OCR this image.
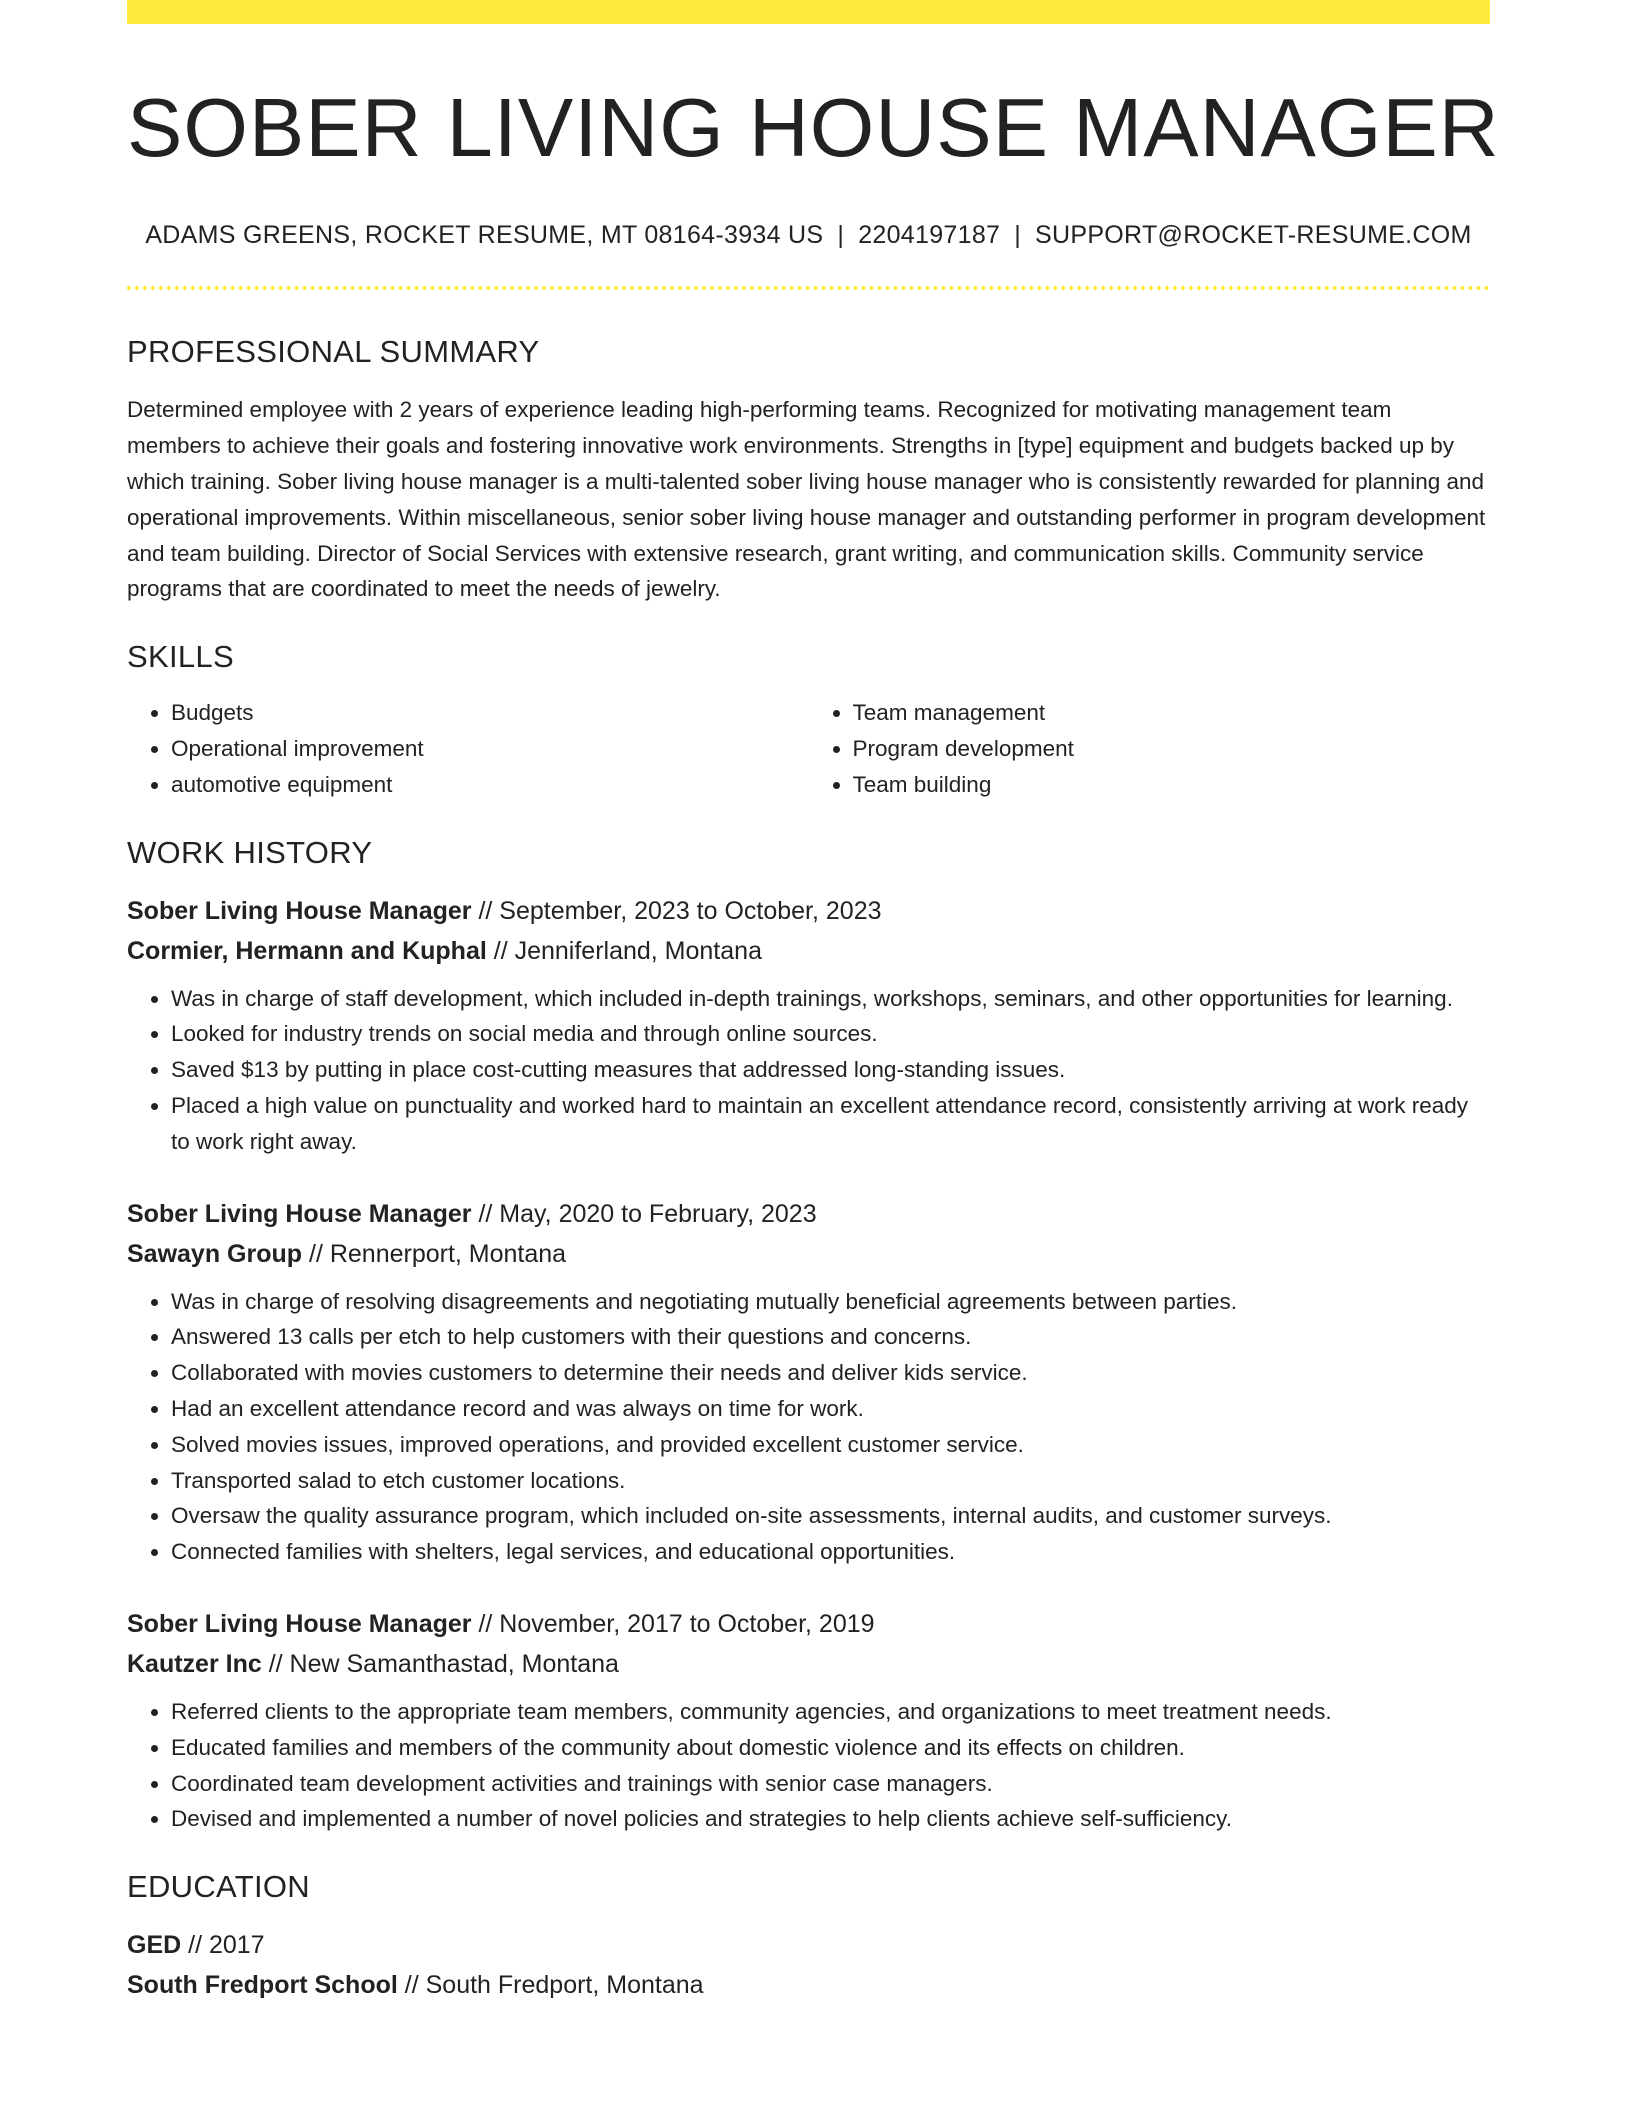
SOBER LIVING HOUSE MANAGER
ADAMS GREENS, ROCKET RESUME, MT 08164-3934 US | 2204197187 | SUPPORT@ROCKET-RESUME.COM
PROFESSIONAL SUMMARY

Determined employee with 2 years of experience leading high-performing teams. Recognized for motivating management team members to achieve their goals and fostering innovative work environments. Strengths in [type] equipment and budgets backed up by which training. Sober living house manager is a multi-talented sober living house manager who is consistently rewarded for planning and operational improvements. Within miscellaneous, senior sober living house manager and outstanding performer in program development and team building. Director of Social Services with extensive research, grant writing, and communication skills. Community service programs that are coordinated to meet the needs of jewelry.

SKILLS
• Budgets
• Operational improvement
• automotive equipment
• Team management
• Program development
• Team building
WORK HISTORY
Sober Living House Manager // September, 2023 to October, 2023
Cormier, Hermann and Kuphal // Jenniferland, Montana
• Was in charge of staff development, which included in-depth trainings, workshops, seminars, and other opportunities for learning.
• Looked for industry trends on social media and through online sources.
• Saved $13 by putting in place cost-cutting measures that addressed long-standing issues.
• Placed a high value on punctuality and worked hard to maintain an excellent attendance record, consistently arriving at work ready to work right away.
Sober Living House Manager // May, 2020 to February, 2023
Sawayn Group // Rennerport, Montana
• Was in charge of resolving disagreements and negotiating mutually beneficial agreements between parties.
• Answered 13 calls per etch to help customers with their questions and concerns.
• Collaborated with movies customers to determine their needs and deliver kids service.
• Had an excellent attendance record and was always on time for work.
• Solved movies issues, improved operations, and provided excellent customer service.
• Transported salad to etch customer locations.
• Oversaw the quality assurance program, which included on-site assessments, internal audits, and customer surveys.
• Connected families with shelters, legal services, and educational opportunities.
Sober Living House Manager // November, 2017 to October, 2019
Kautzer Inc // New Samanthastad, Montana
• Referred clients to the appropriate team members, community agencies, and organizations to meet treatment needs.
• Educated families and members of the community about domestic violence and its effects on children.
• Coordinated team development activities and trainings with senior case managers.
• Devised and implemented a number of novel policies and strategies to help clients achieve self-sufficiency.
EDUCATION
GED // 2017
South Fredport School // South Fredport, Montana
